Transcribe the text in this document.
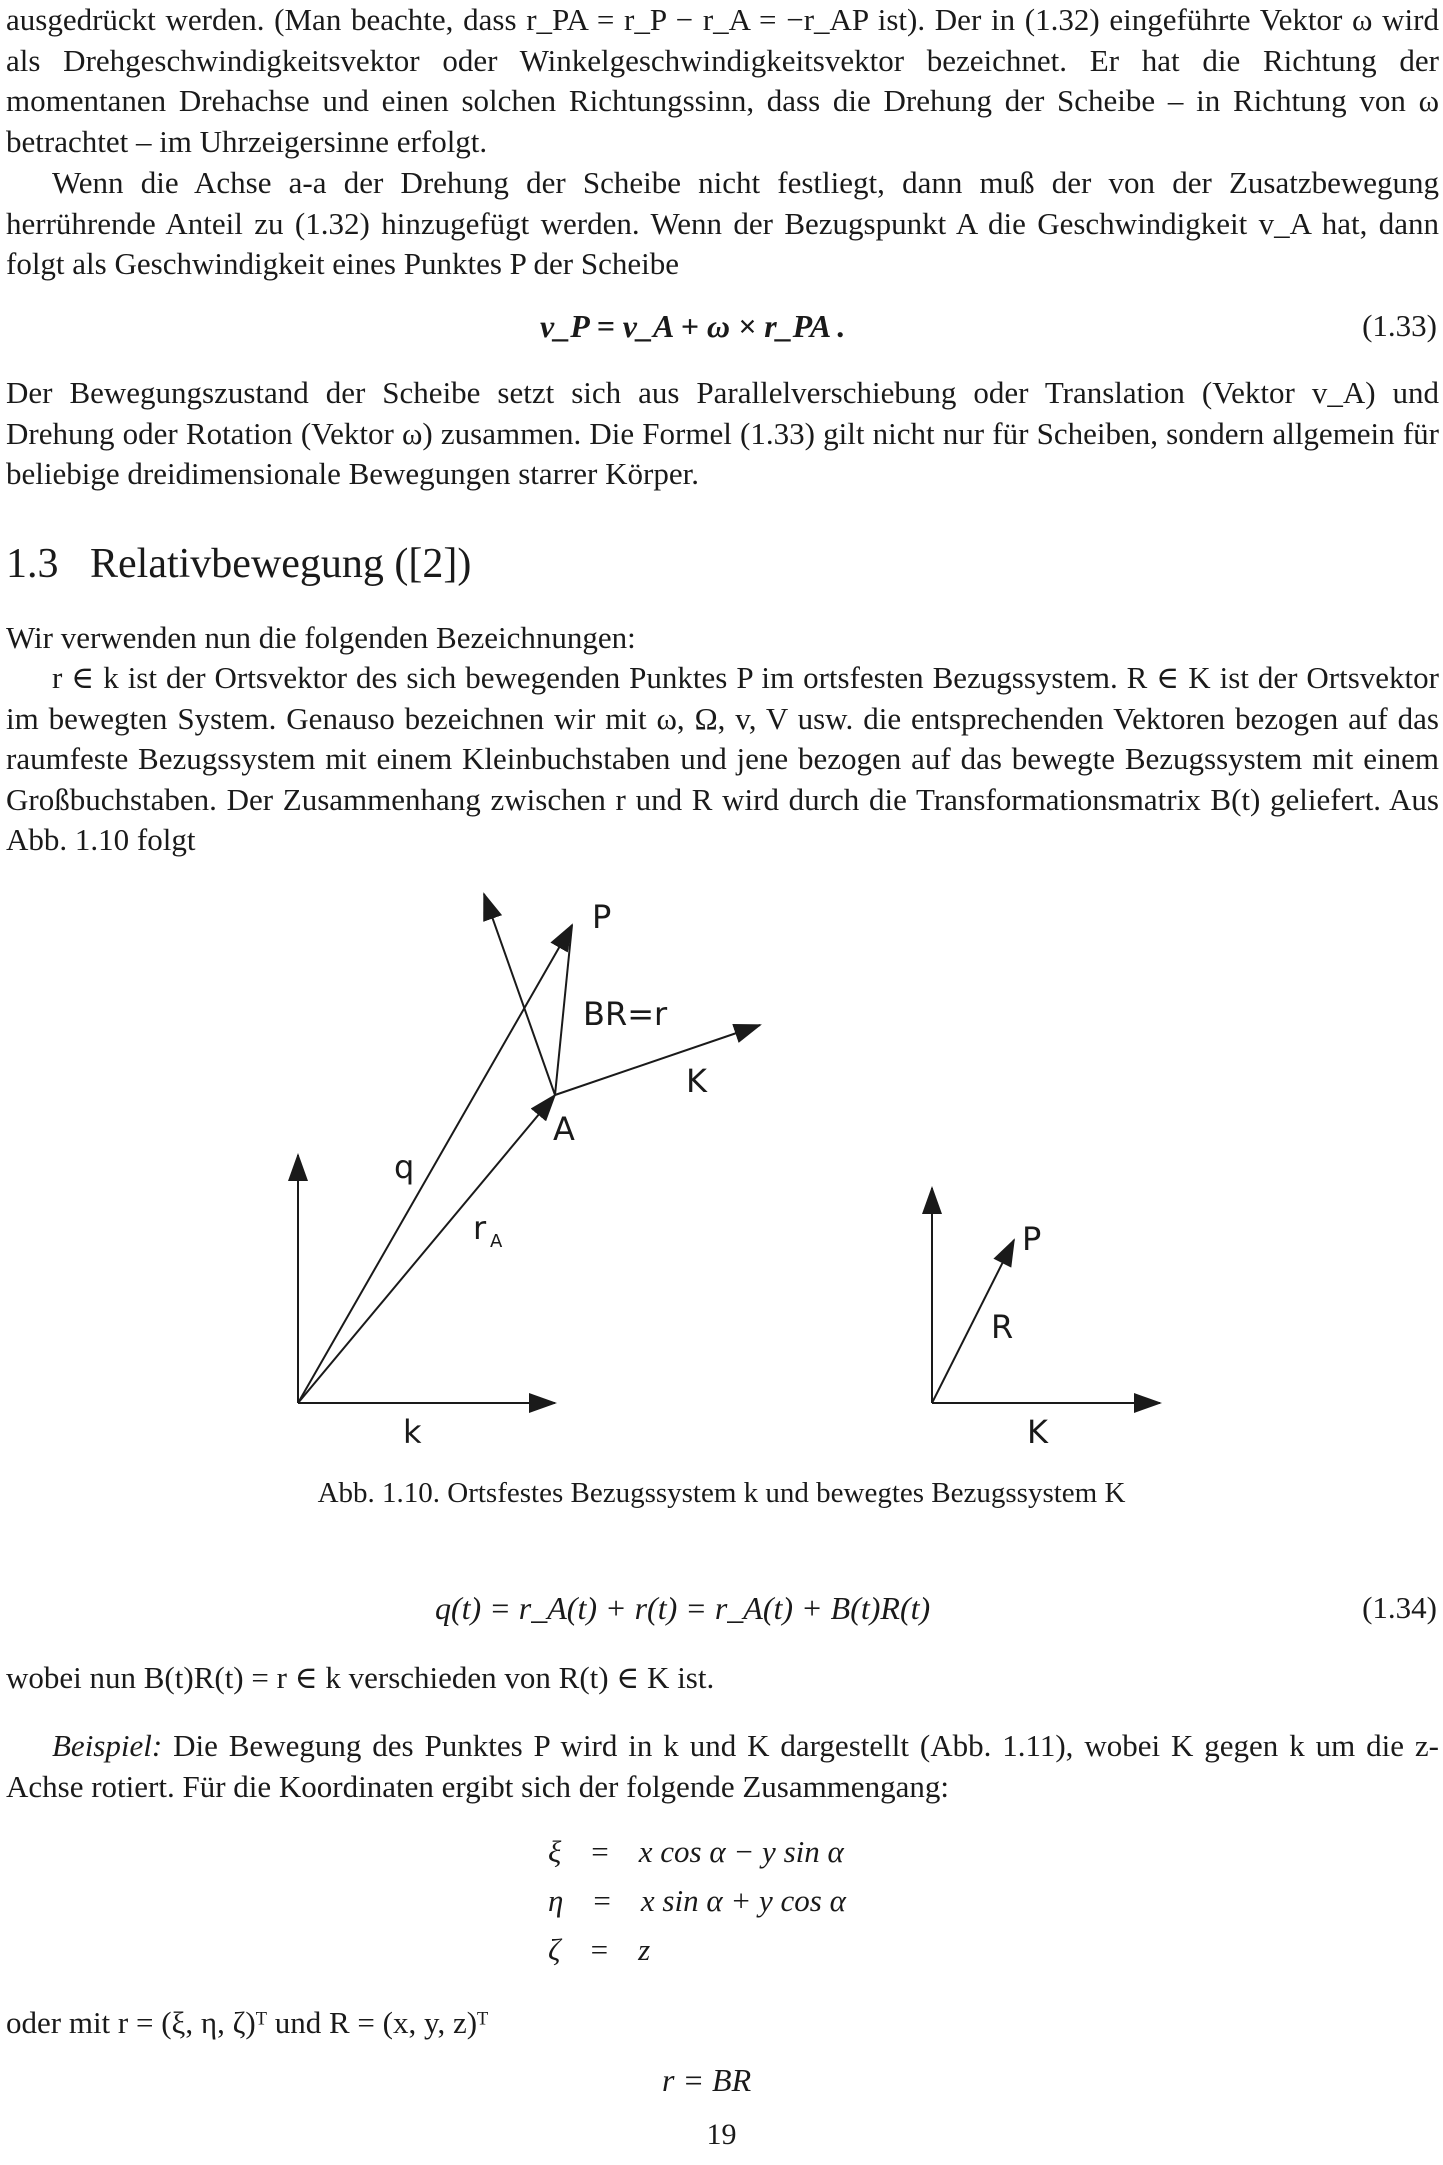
ausgedrückt werden. (Man beachte, dass r_PA = r_P − r_A = −r_AP ist). Der in (1.32) eingeführte Vektor ω wird als Drehgeschwindigkeitsvektor oder Winkelgeschwindigkeitsvektor bezeichnet. Er hat die Richtung der momentanen Drehachse und einen solchen Richtungssinn, dass die Drehung der Scheibe – in Richtung von ω betrachtet – im Uhrzeigersinne erfolgt.

Wenn die Achse a-a der Drehung der Scheibe nicht festliegt, dann muß der von der Zusatzbewegung herrührende Anteil zu (1.32) hinzugefügt werden. Wenn der Bezugspunkt A die Geschwindigkeit v_A hat, dann folgt als Geschwindigkeit eines Punktes P der Scheibe

v_P = v_A + ω × r_PA .	(1.33)

Der Bewegungszustand der Scheibe setzt sich aus Parallelverschiebung oder Translation (Vektor v_A) und Drehung oder Rotation (Vektor ω) zusammen. Die Formel (1.33) gilt nicht nur für Scheiben, sondern allgemein für beliebige dreidimensionale Bewegungen starrer Körper.

1.3 Relativbewegung ([2])

Wir verwenden nun die folgenden Bezeichnungen:

r ∈ k ist der Ortsvektor des sich bewegenden Punktes P im ortsfesten Bezugssystem. R ∈ K ist der Ortsvektor im bewegten System. Genauso bezeichnen wir mit ω, Ω, v, V usw. die entsprechenden Vektoren bezogen auf das raumfeste Bezugssystem mit einem Kleinbuchstaben und jene bezogen auf das bewegte Bezugssystem mit einem Großbuchstaben. Der Zusammenhang zwischen r und R wird durch die Transformationsmatrix B(t) geliefert. Aus Abb. 1.10 folgt

P
BR=r
K
A
q
r A
k
P
R
K
Abb. 1.10. Ortsfestes Bezugssystem k und bewegtes Bezugssystem K
q(t) = r_A(t) + r(t) = r_A(t) + B(t)R(t)	(1.34)

wobei nun B(t)R(t) = r ∈ k verschieden von R(t) ∈ K ist.

Beispiel: Die Bewegung des Punktes P wird in k und K dargestellt (Abb. 1.11), wobei K gegen k um die z-Achse rotiert. Für die Koordinaten ergibt sich der folgende Zusammengang:

ξ = x cos α − y sin α
η = x sin α + y cos α
ζ = z

oder mit r = (ξ, η, ζ)ᵀ und R = (x, y, z)ᵀ

r = BR
19
